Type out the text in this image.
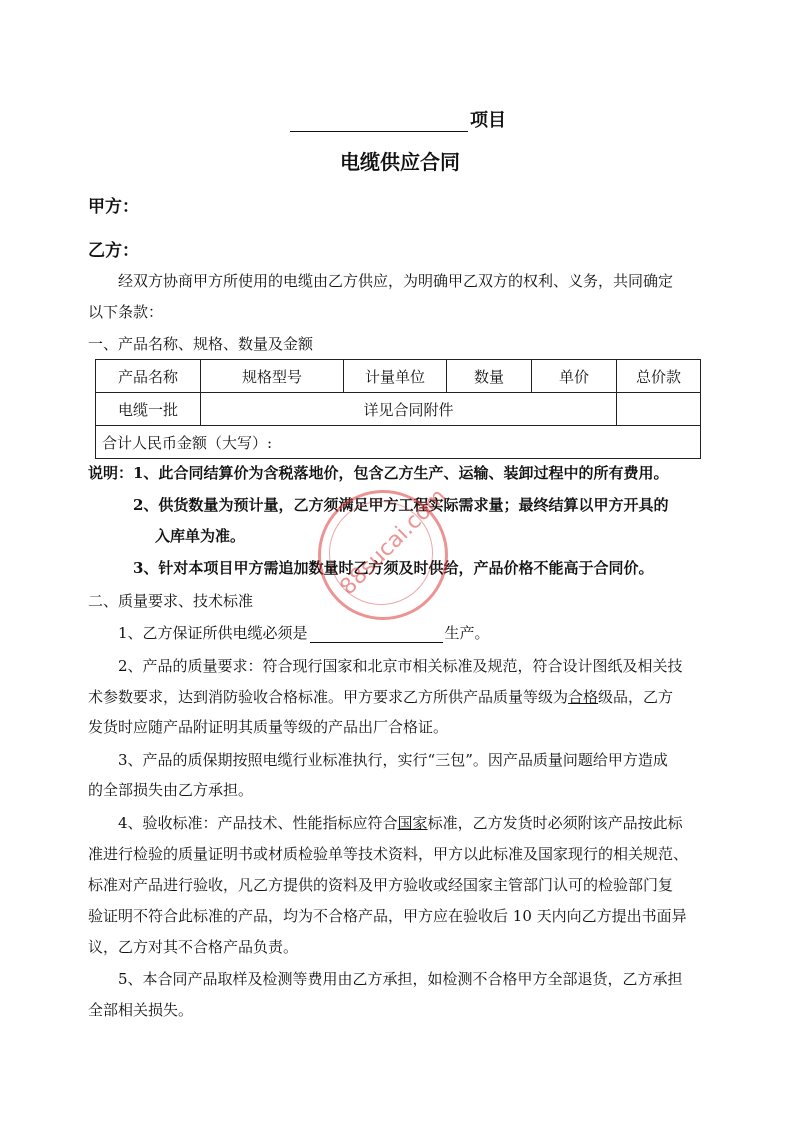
项目
电缆供应合同
甲方：
乙方：
经双方协商甲方所使用的电缆由乙方供应，为明确甲乙双方的权利、义务，共同确定
以下条款：
一、产品名称、规格、数量及金额
产品名称	规格型号	计量单位	数量	单价	总价款
电缆一批	详见合同附件				
合计人民币金额（大写）:					
说明：1、此合同结算价为含税落地价，包含乙方生产、运输、装卸过程中的所有费用。
2、供货数量为预计量，乙方须满足甲方工程实际需求量；最终结算以甲方开具的
入库单为准。
3、针对本项目甲方需追加数量时乙方须及时供给，产品价格不能高于合同价。
二、质量要求、技术标准
1、乙方保证所供电缆必须是	生产。
2、产品的质量要求：符合现行国家和北京市相关标准及规范，符合设计图纸及相关技
术参数要求，达到消防验收合格标准。甲方要求乙方所供产品质量等级为合格级品，乙方
发货时应随产品附证明其质量等级的产品出厂合格证。
3、产品的质保期按照电缆行业标准执行，实行“三包”。因产品质量问题给甲方造成
的全部损失由乙方承担。
4、验收标准：产品技术、性能指标应符合国家标准，乙方发货时必须附该产品按此标
准进行检验的质量证明书或材质检验单等技术资料，甲方以此标准及国家现行的相关规范、
标准对产品进行验收，凡乙方提供的资料及甲方验收或经国家主管部门认可的检验部门复
验证明不符合此标准的产品，均为不合格产品，甲方应在验收后 10 天内向乙方提出书面异
议，乙方对其不合格产品负责。
5、本合同产品取样及检测等费用由乙方承担，如检测不合格甲方全部退货，乙方承担
全部相关损失。
88sucai.com
